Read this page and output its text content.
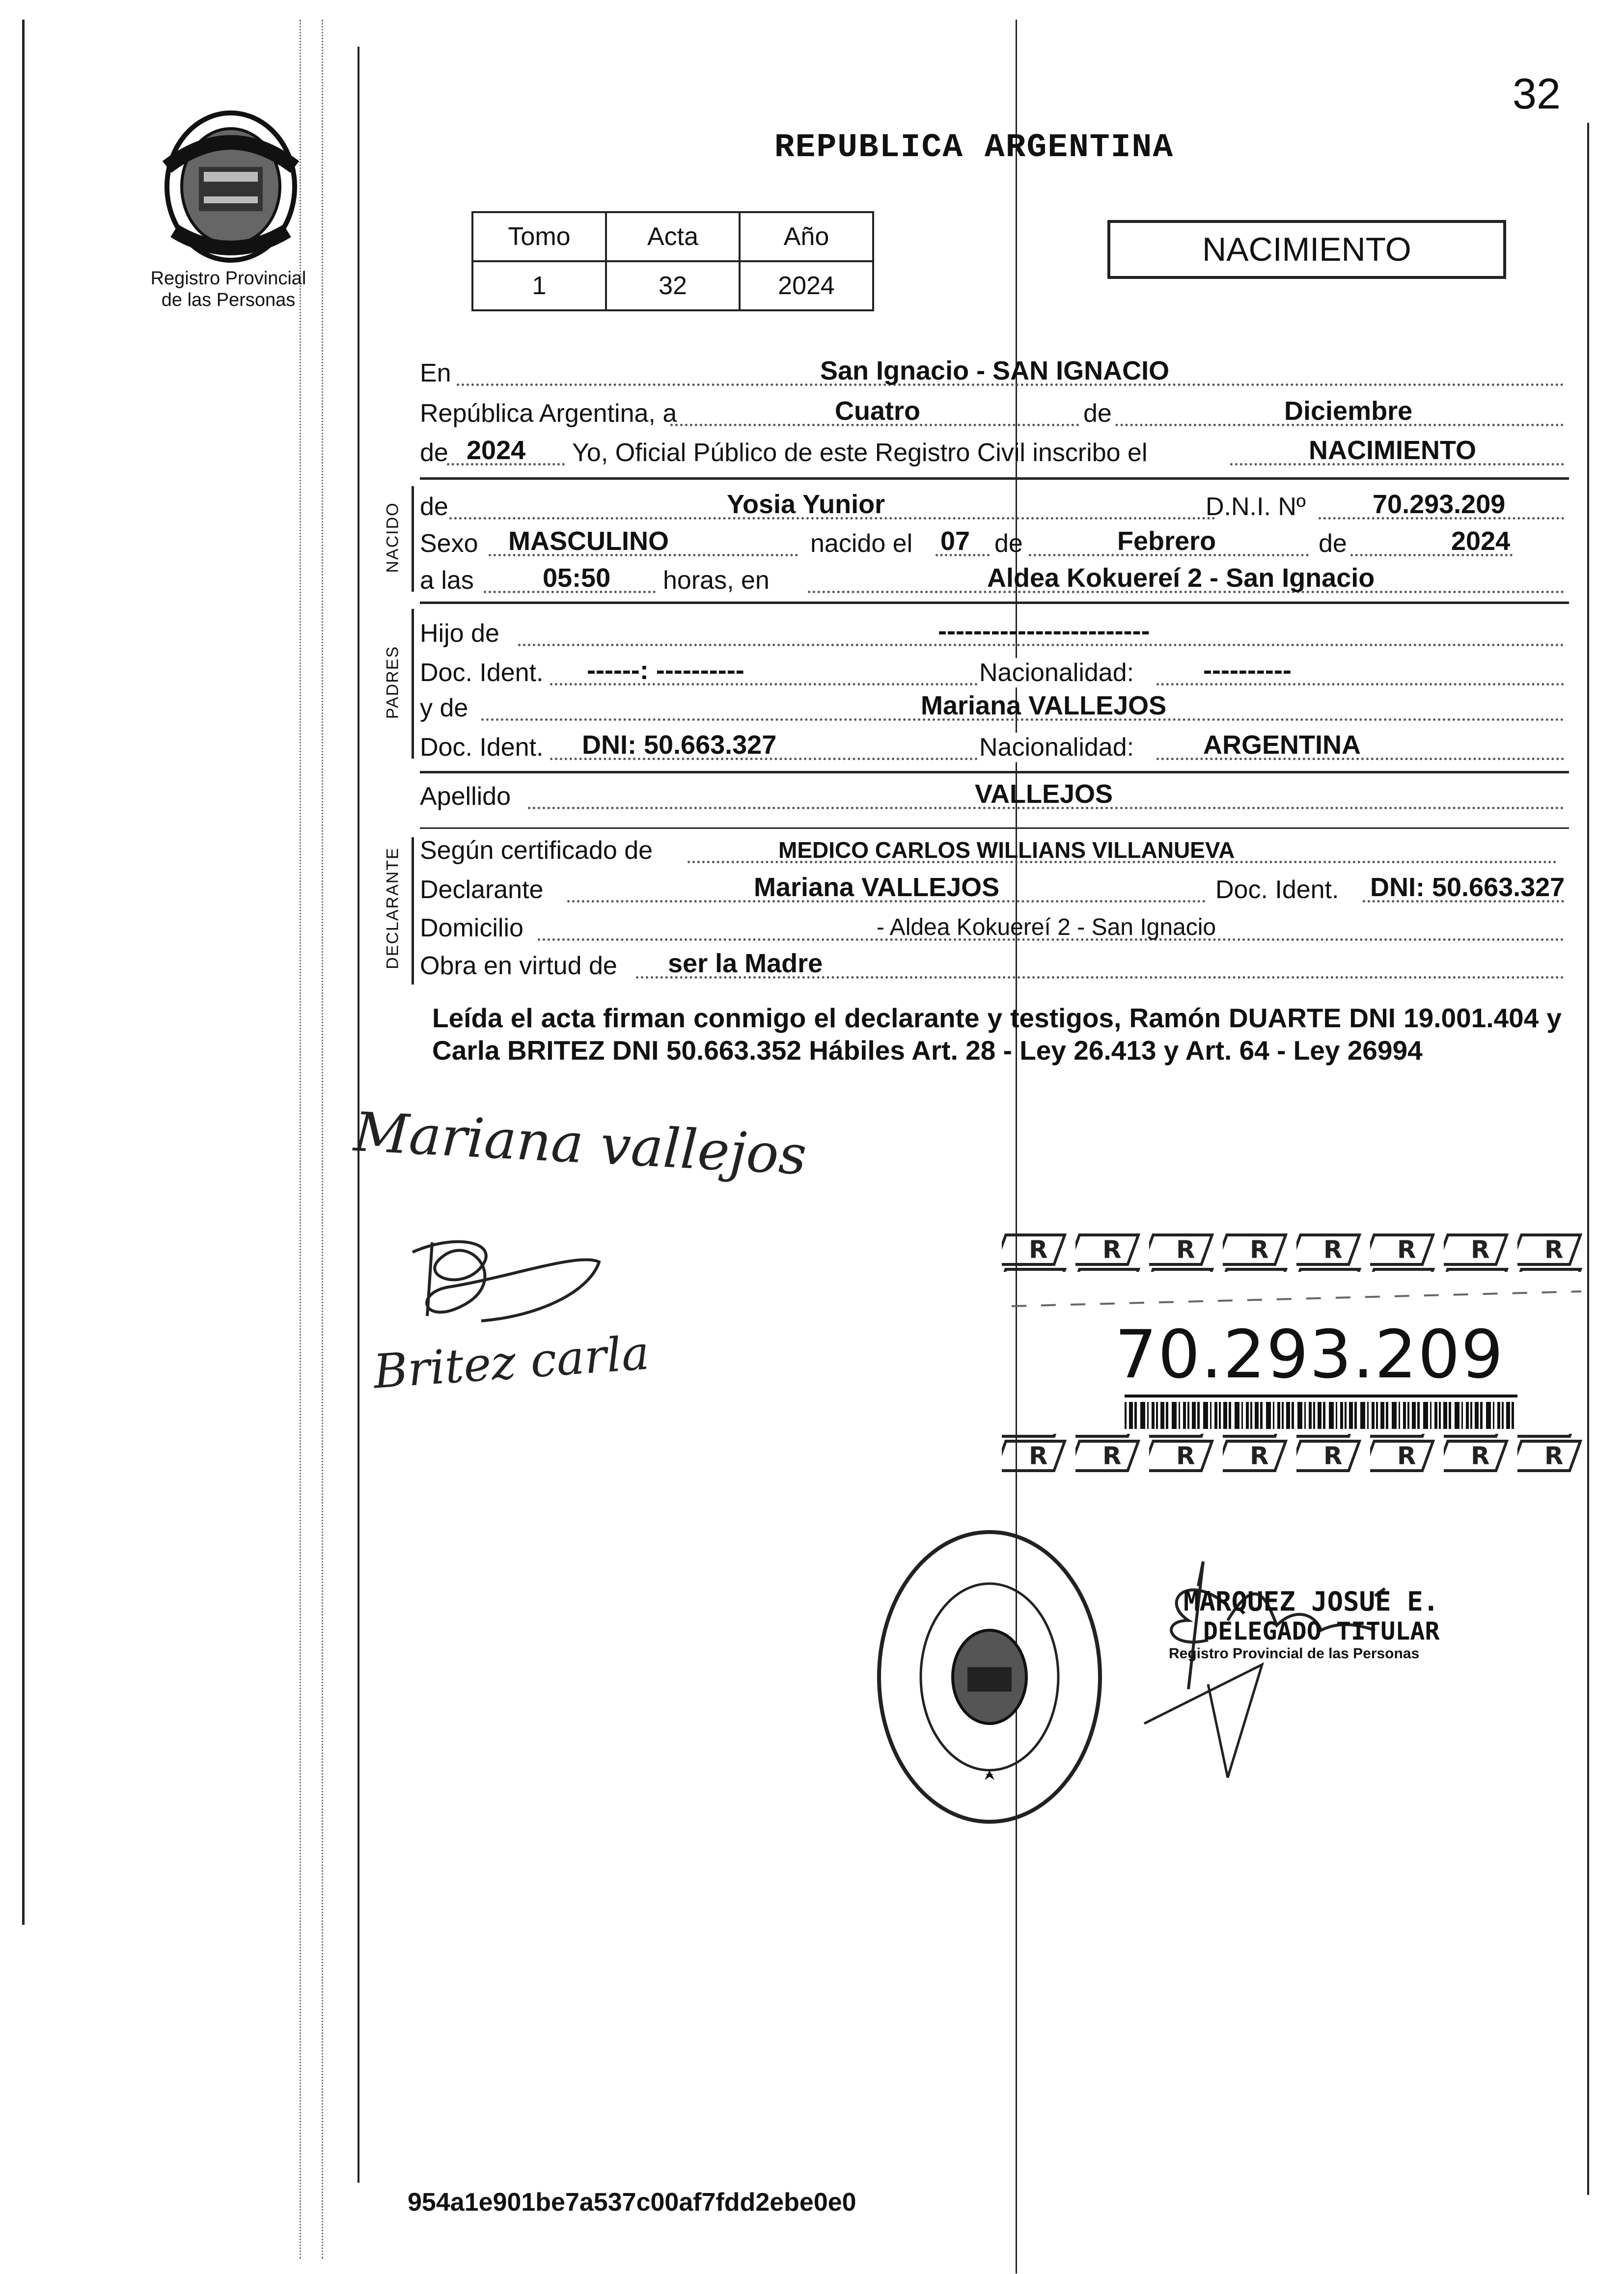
32
REPUBLICA ARGENTINA
Registro Provincial
de las Personas
Tomo	Acta	Año
1	32	2024
NACIMIENTO
En	San Ignacio - SAN IGNACIO
República Argentina, a	Cuatro	de	Diciembre
de 2024 Yo, Oficial Público de este Registro Civil inscribo el	NACIMIENTO
NACIDO de	Yosia Yunior	D.N.I. Nº	70.293.209
Sexo MASCULINO	nacido el 07 de	Febrero	de	2024
a las	05:50 horas, en	Aldea Kokuereí 2 - San Ignacio
PADRES
Hijo de	------------------------
Doc. Ident. ------: ----------	Nacionalidad:	----------
y de	Mariana VALLEJOS
Doc. Ident. DNI: 50.663.327	Nacionalidad:	ARGENTINA
Apellido	VALLEJOS
DECLARANTE Según certificado de	MEDICO CARLOS WILLIANS VILLANUEVA
Declarante	Mariana VALLEJOS	Doc. Ident. DNI: 50.663.327
Domicilio	- Aldea Kokuereí 2 - San Ignacio
Obra en virtud de ser la Madre
Leída el acta firman conmigo el declarante y testigos, Ramón DUARTE DNI 19.001.404 y Carla BRITEZ DNI 50.663.352 Hábiles Art. 28 - Ley 26.413 y Art. 64 - Ley 26994
Mariana vallejos
Britez carla	70.293.209
MARQUEZ JOSUE E.
DELEGADO TITULAR
Registro Provincial de las Personas
954a1e901be7a537c00af7fdd2ebe0e0
